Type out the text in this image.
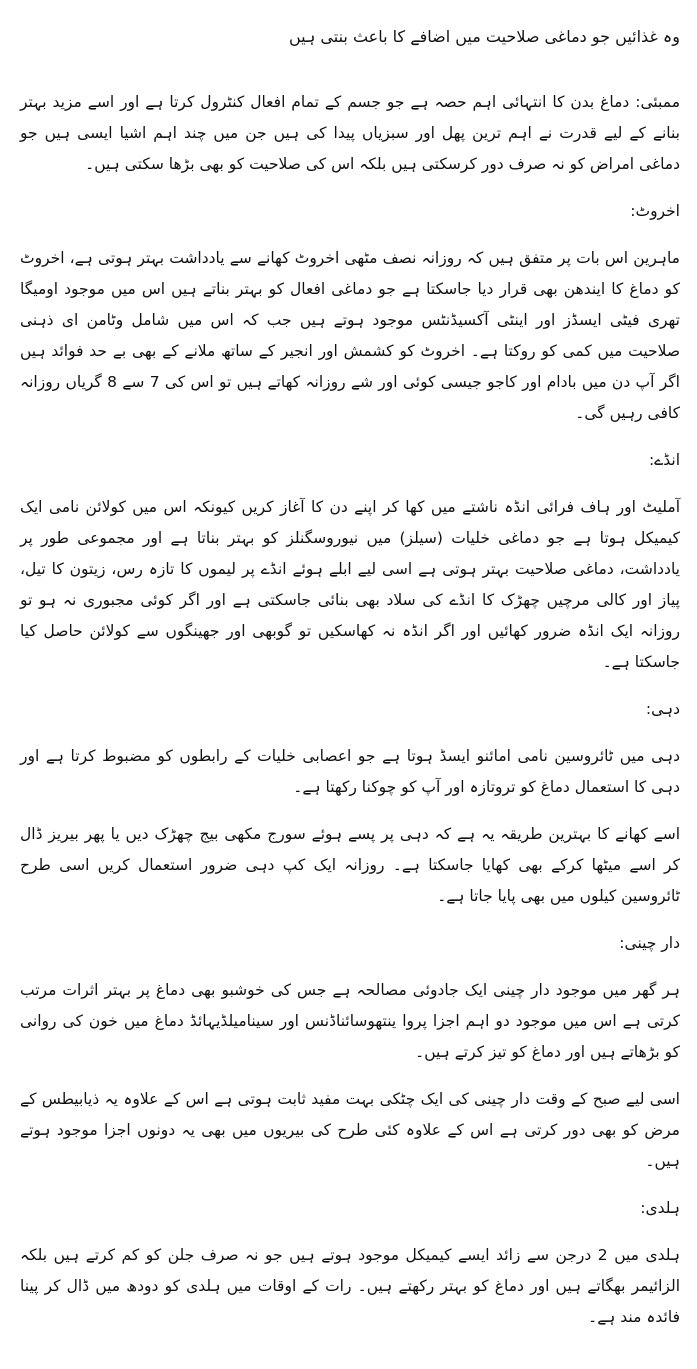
وہ غذائیں جو دماغی صلاحیت میں اضافے کا باعث بنتی ہیں

ممبئی: دماغ بدن کا انتہائی اہم حصہ ہے جو جسم کے تمام افعال کنٹرول کرتا ہے اور اسے مزید بہتر بنانے کے لیے قدرت نے اہم ترین پھل اور سبزیاں پیدا کی ہیں جن میں چند اہم اشیا ایسی ہیں جو دماغی امراض کو نہ صرف دور کرسکتی ہیں بلکہ اس کی صلاحیت کو بھی بڑھا سکتی ہیں۔

اخروٹ:

ماہرین اس بات پر متفق ہیں کہ روزانہ نصف مٹھی اخروٹ کھانے سے یادداشت بہتر ہوتی ہے، اخروٹ کو دماغ کا ایندھن بھی قرار دیا جاسکتا ہے جو دماغی افعال کو بہتر بناتے ہیں اس میں موجود اومیگا تھری فیٹی ایسڈز اور اینٹی آکسیڈنٹس موجود ہوتے ہیں جب کہ اس میں شامل وٹامن ای ذہنی صلاحیت میں کمی کو روکتا ہے۔ اخروٹ کو کشمش اور انجیر کے ساتھ ملانے کے بھی بے حد فوائد ہیں اگر آپ دن میں بادام اور کاجو جیسی کوئی اور شے روزانہ کھاتے ہیں تو اس کی 7 سے 8 گریاں روزانہ کافی رہیں گی۔

انڈے:

آملیٹ اور ہاف فرائی انڈہ ناشتے میں کھا کر اپنے دن کا آغاز کریں کیونکہ اس میں کولائن نامی ایک کیمیکل ہوتا ہے جو دماغی خلیات (سیلز) میں نیوروسگنلز کو بہتر بناتا ہے اور مجموعی طور پر یادداشت، دماغی صلاحیت بہتر ہوتی ہے اسی لیے ابلے ہوئے انڈے پر لیموں کا تازہ رس، زیتون کا تیل، پیاز اور کالی مرچیں چھڑک کا انڈے کی سلاد بھی بنائی جاسکتی ہے اور اگر کوئی مجبوری نہ ہو تو روزانہ ایک انڈہ ضرور کھائیں اور اگر انڈہ نہ کھاسکیں تو گوبھی اور جھینگوں سے کولائن حاصل کیا جاسکتا ہے۔

دہی:

دہی میں ٹائروسین نامی امائنو ایسڈ ہوتا ہے جو اعصابی خلیات کے رابطوں کو مضبوط کرتا ہے اور دہی کا استعمال دماغ کو تروتازہ اور آپ کو چوکنا رکھتا ہے۔

اسے کھانے کا بہترین طریقہ یہ ہے کہ دہی پر پسے ہوئے سورج مکھی بیج چھڑک دیں یا پھر بیریز ڈال کر اسے میٹھا کرکے بھی کھایا جاسکتا ہے۔ روزانہ ایک کپ دہی ضرور استعمال کریں اسی طرح ٹائروسین کیلوں میں بھی پایا جاتا ہے۔

دار چینی:

ہر گھر میں موجود دار چینی ایک جادوئی مصالحہ ہے جس کی خوشبو بھی دماغ پر بہتر اثرات مرتب کرتی ہے اس میں موجود دو اہم اجزا پروا ینتھوسائناڈنس اور سینامیلڈیہائڈ دماغ میں خون کی روانی کو بڑھاتے ہیں اور دماغ کو تیز کرتے ہیں۔

اسی لیے صبح کے وقت دار چینی کی ایک چٹکی بہت مفید ثابت ہوتی ہے اس کے علاوہ یہ ذیابیطس کے مرض کو بھی دور کرتی ہے اس کے علاوہ کئی طرح کی بیریوں میں بھی یہ دونوں اجزا موجود ہوتے ہیں۔

ہلدی:

ہلدی میں 2 درجن سے زائد ایسے کیمیکل موجود ہوتے ہیں جو نہ صرف جلن کو کم کرتے ہیں بلکہ الزائیمر بھگاتے ہیں اور دماغ کو بہتر رکھتے ہیں۔ رات کے اوقات میں ہلدی کو دودھ میں ڈال کر پینا فائدہ مند ہے۔
